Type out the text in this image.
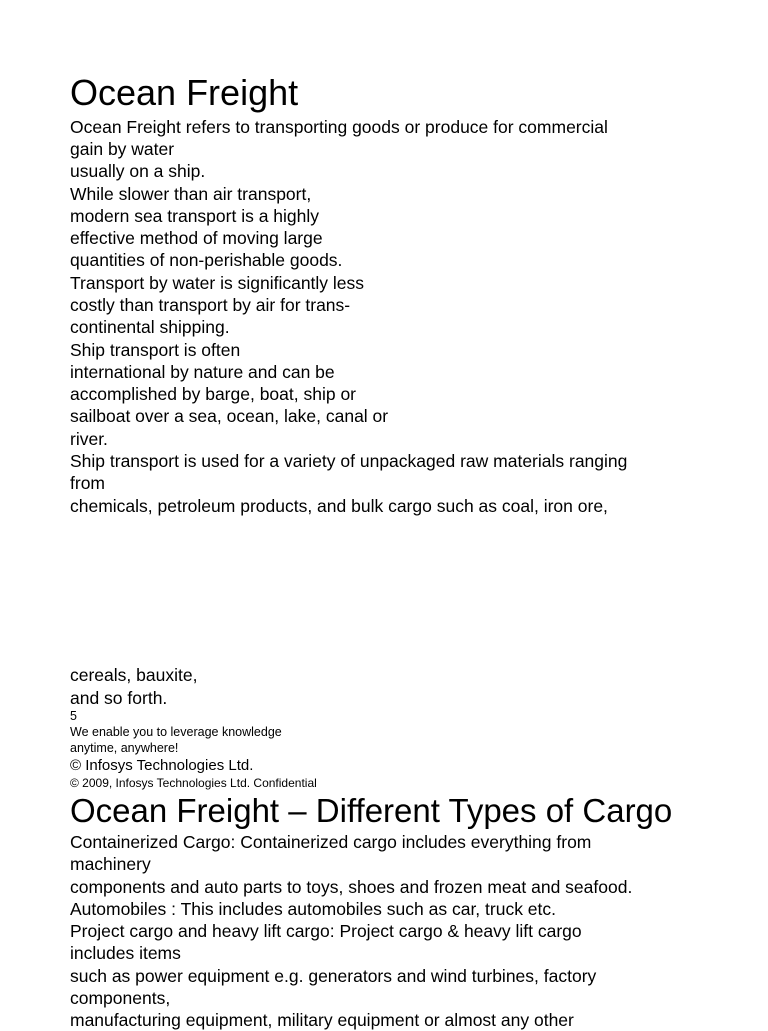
Ocean Freight
Ocean Freight refers to transporting goods or produce for commercial
gain by water
usually on a ship.
While slower than air transport,
modern sea transport is a highly
effective method of moving large
quantities of non-perishable goods.
Transport by water is significantly less
costly than transport by air for trans-
continental shipping.
Ship transport is often
international by nature and can be
accomplished by barge, boat, ship or
sailboat over a sea, ocean, lake, canal or
river.
Ship transport is used for a variety of unpackaged raw materials ranging
from
chemicals, petroleum products, and bulk cargo such as coal, iron ore,
cereals, bauxite,
and so forth.
5
We enable you to leverage knowledge
anytime, anywhere!
© Infosys Technologies Ltd.
© 2009, Infosys Technologies Ltd. Confidential
Ocean Freight – Different Types of Cargo
Containerized Cargo: Containerized cargo includes everything from
machinery
components and auto parts to toys, shoes and frozen meat and seafood.
Automobiles : This includes automobiles such as car, truck etc.
Project cargo and heavy lift cargo: Project cargo & heavy lift cargo
includes items
such as power equipment e.g. generators and wind turbines, factory
components,
manufacturing equipment, military equipment or almost any other
